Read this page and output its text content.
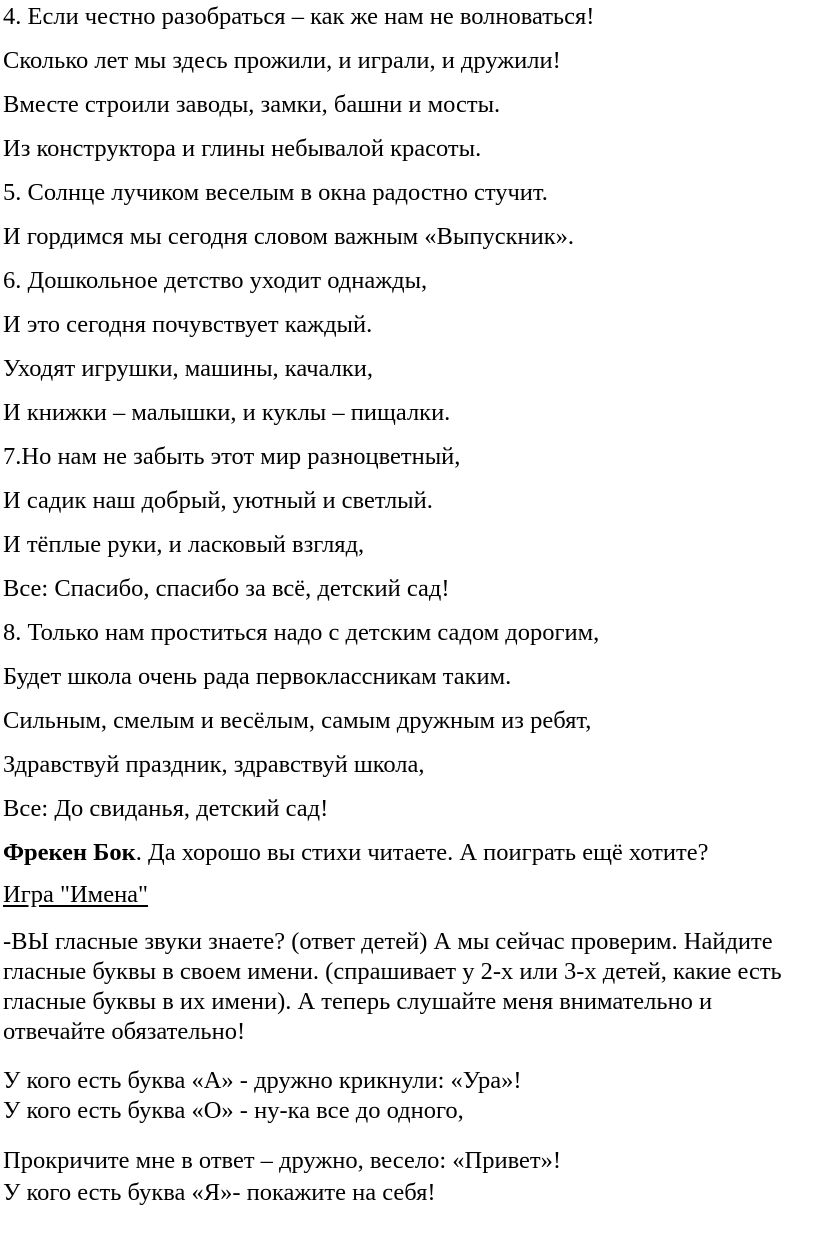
4. Если честно разобраться – как же нам не волноваться!

Сколько лет мы здесь прожили, и играли, и дружили!

Вместе строили заводы, замки, башни и мосты.

Из конструктора и глины небывалой красоты.

5. Солнце лучиком веселым в окна радостно стучит.

И гордимся мы сегодня словом важным «Выпускник».

6. Дошкольное детство уходит однажды,

И это сегодня почувствует каждый.

Уходят игрушки, машины, качалки,

И книжки – малышки, и куклы – пищалки.

7.Но нам не забыть этот мир разноцветный,

И садик наш добрый, уютный и светлый.

И тёплые руки, и ласковый взгляд,

Все: Спасибо, спасибо за всё, детский сад!

8. Только нам проститься надо с детским садом дорогим,

Будет школа очень рада первоклассникам таким.

Сильным, смелым и весёлым, самым дружным из ребят,

Здравствуй праздник, здравствуй школа,

Все: До свиданья, детский сад!

Фрекен Бок. Да хорошо вы стихи читаете. А поиграть ещё хотите?

Игра "Имена"

-ВЫ гласные звуки знаете? (ответ детей) А мы сейчас проверим. Найдите гласные буквы в своем имени. (спрашивает у 2-х или 3-х детей, какие есть гласные буквы в их имени). А теперь слушайте меня внимательно и отвечайте обязательно!

У кого есть буква «А» - дружно крикнули: «Ура»!

У кого есть буква «О» - ну-ка все до одного,

Прокричите мне в ответ – дружно, весело: «Привет»!

У кого есть буква «Я»- покажите на себя!
